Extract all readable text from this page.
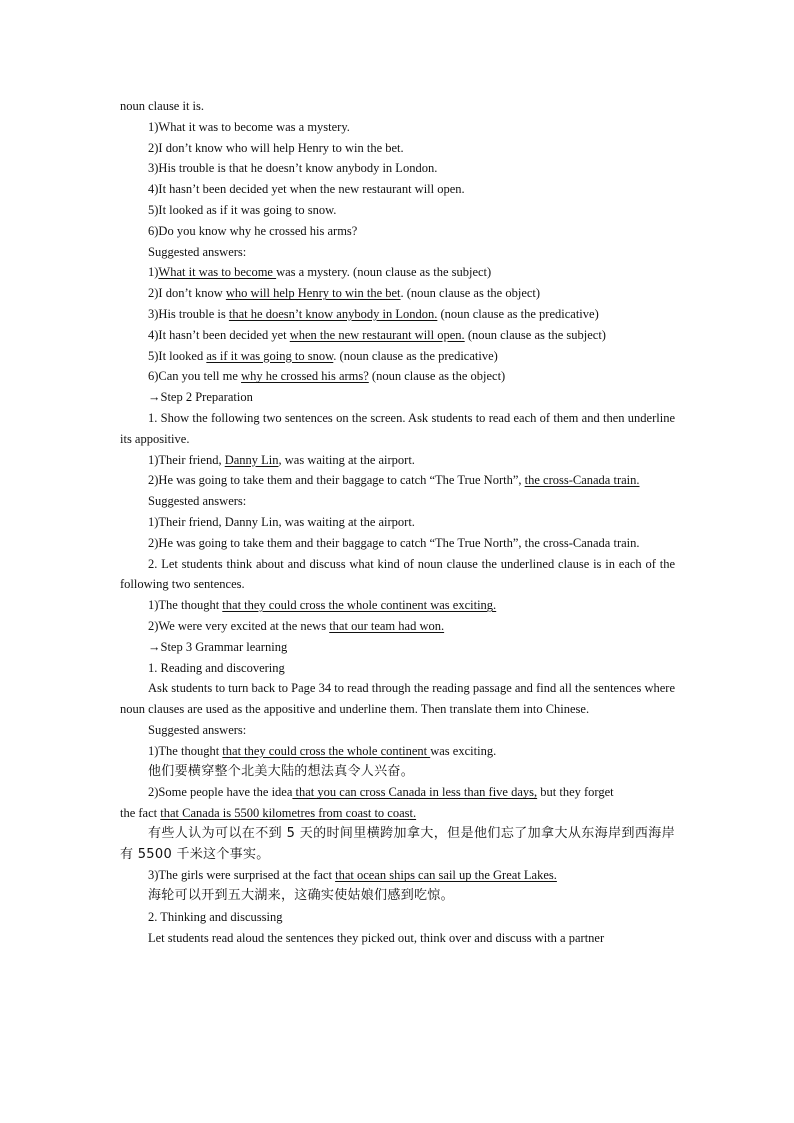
noun clause it is.

1)What it was to become was a mystery.

2)I don’t know who will help Henry to win the bet.

3)His trouble is that he doesn’t know anybody in London.

4)It hasn’t been decided yet when the new restaurant will open.

5)It looked as if it was going to snow.

6)Do you know why he crossed his arms?

Suggested answers:

1)What it was to become was a mystery. (noun clause as the subject)

2)I don’t know who will help Henry to win the bet. (noun clause as the object)

3)His trouble is that he doesn’t know anybody in London. (noun clause as the predicative)

4)It hasn’t been decided yet when the new restaurant will open. (noun clause as the subject)

5)It looked as if it was going to snow. (noun clause as the predicative)

6)Can you tell me why he crossed his arms? (noun clause as the object)

→Step 2 Preparation

1. Show the following two sentences on the screen. Ask students to read each of them and then underline its appositive.

1)Their friend, Danny Lin, was waiting at the airport.

2)He was going to take them and their baggage to catch “The True North”, the cross-Canada train.

Suggested answers:

1)Their friend, Danny Lin, was waiting at the airport.

2)He was going to take them and their baggage to catch “The True North”, the cross-Canada train.

2. Let students think about and discuss what kind of noun clause the underlined clause is in each of the following two sentences.

1)The thought that they could cross the whole continent was exciting.

2)We were very excited at the news that our team had won.

→Step 3 Grammar learning

1. Reading and discovering

Ask students to turn back to Page 34 to read through the reading passage and find all the sentences where noun clauses are used as the appositive and underline them. Then translate them into Chinese.

Suggested answers:

1)The thought that they could cross the whole continent was exciting.

他们要横穿整个北美大陆的想法真令人兴奋。

2)Some people have the idea that you can cross Canada in less than five days, but they forget

the fact that Canada is 5500 kilometres from coast to coast.

有些人认为可以在不到 5 天的时间里横跨加拿大，但是他们忘了加拿大从东海岸到西海岸有 5500 千米这个事实。

3)The girls were surprised at the fact that ocean ships can sail up the Great Lakes.

海轮可以开到五大湖来，这确实使姑娘们感到吃惊。

2. Thinking and discussing

Let students read aloud the sentences they picked out, think over and discuss with a partner
